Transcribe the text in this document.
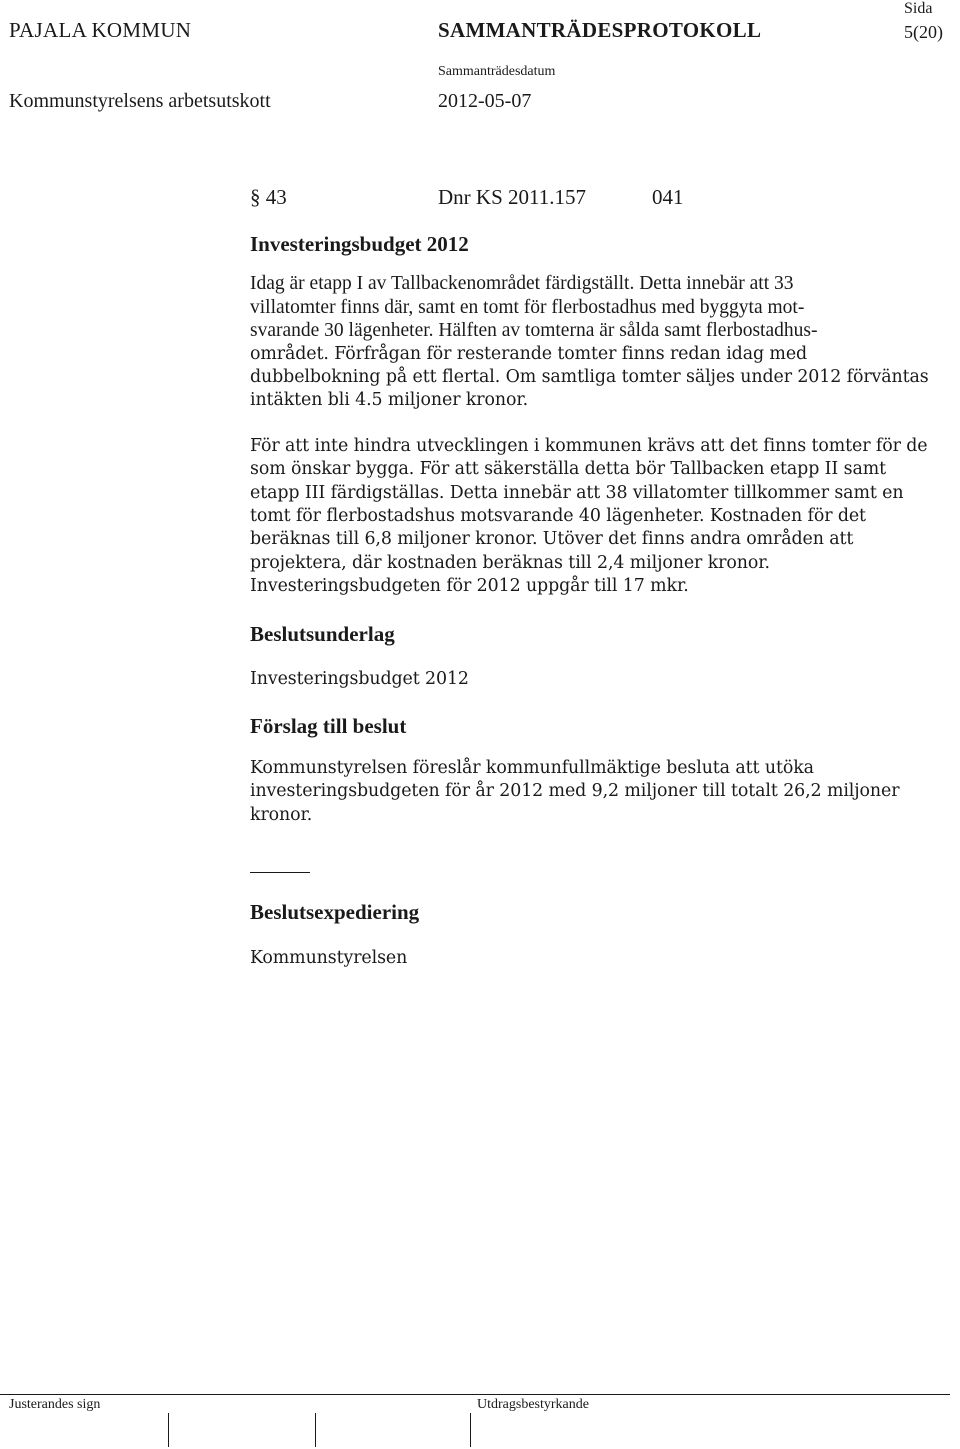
PAJALA KOMMUN	SAMMANTRÄDESPROTOKOLL
Sida
5(20)
Sammanträdesdatum
Kommunstyrelsens arbetsutskott	2012-05-07
§ 43	Dnr KS 2011.157	041
Investeringsbudget 2012
Idag är etapp I av Tallbackenområdet färdigställt. Detta innebär att 33
villatomter finns där, samt en tomt för flerbostadhus med byggyta mot-
svarande 30 lägenheter. Hälften av tomterna är sålda samt flerbostadhus-
området. Förfrågan för resterande tomter finns redan idag med
dubbelbokning på ett flertal. Om samtliga tomter säljes under 2012 förväntas
intäkten bli 4.5 miljoner kronor.
För att inte hindra utvecklingen i kommunen krävs att det finns tomter för de
som önskar bygga. För att säkerställa detta bör Tallbacken etapp II samt
etapp III färdigställas. Detta innebär att 38 villatomter tillkommer samt en
tomt för flerbostadshus motsvarande 40 lägenheter. Kostnaden för det
beräknas till 6,8 miljoner kronor. Utöver det finns andra områden att
projektera, där kostnaden beräknas till 2,4 miljoner kronor.
Investeringsbudgeten för 2012 uppgår till 17 mkr.
Beslutsunderlag
Investeringsbudget 2012
Förslag till beslut
Kommunstyrelsen föreslår kommunfullmäktige besluta att utöka
investeringsbudgeten för år 2012 med 9,2 miljoner till totalt 26,2 miljoner
kronor.
Beslutsexpediering
Kommunstyrelsen
Justerandes sign	Utdragsbestyrkande
